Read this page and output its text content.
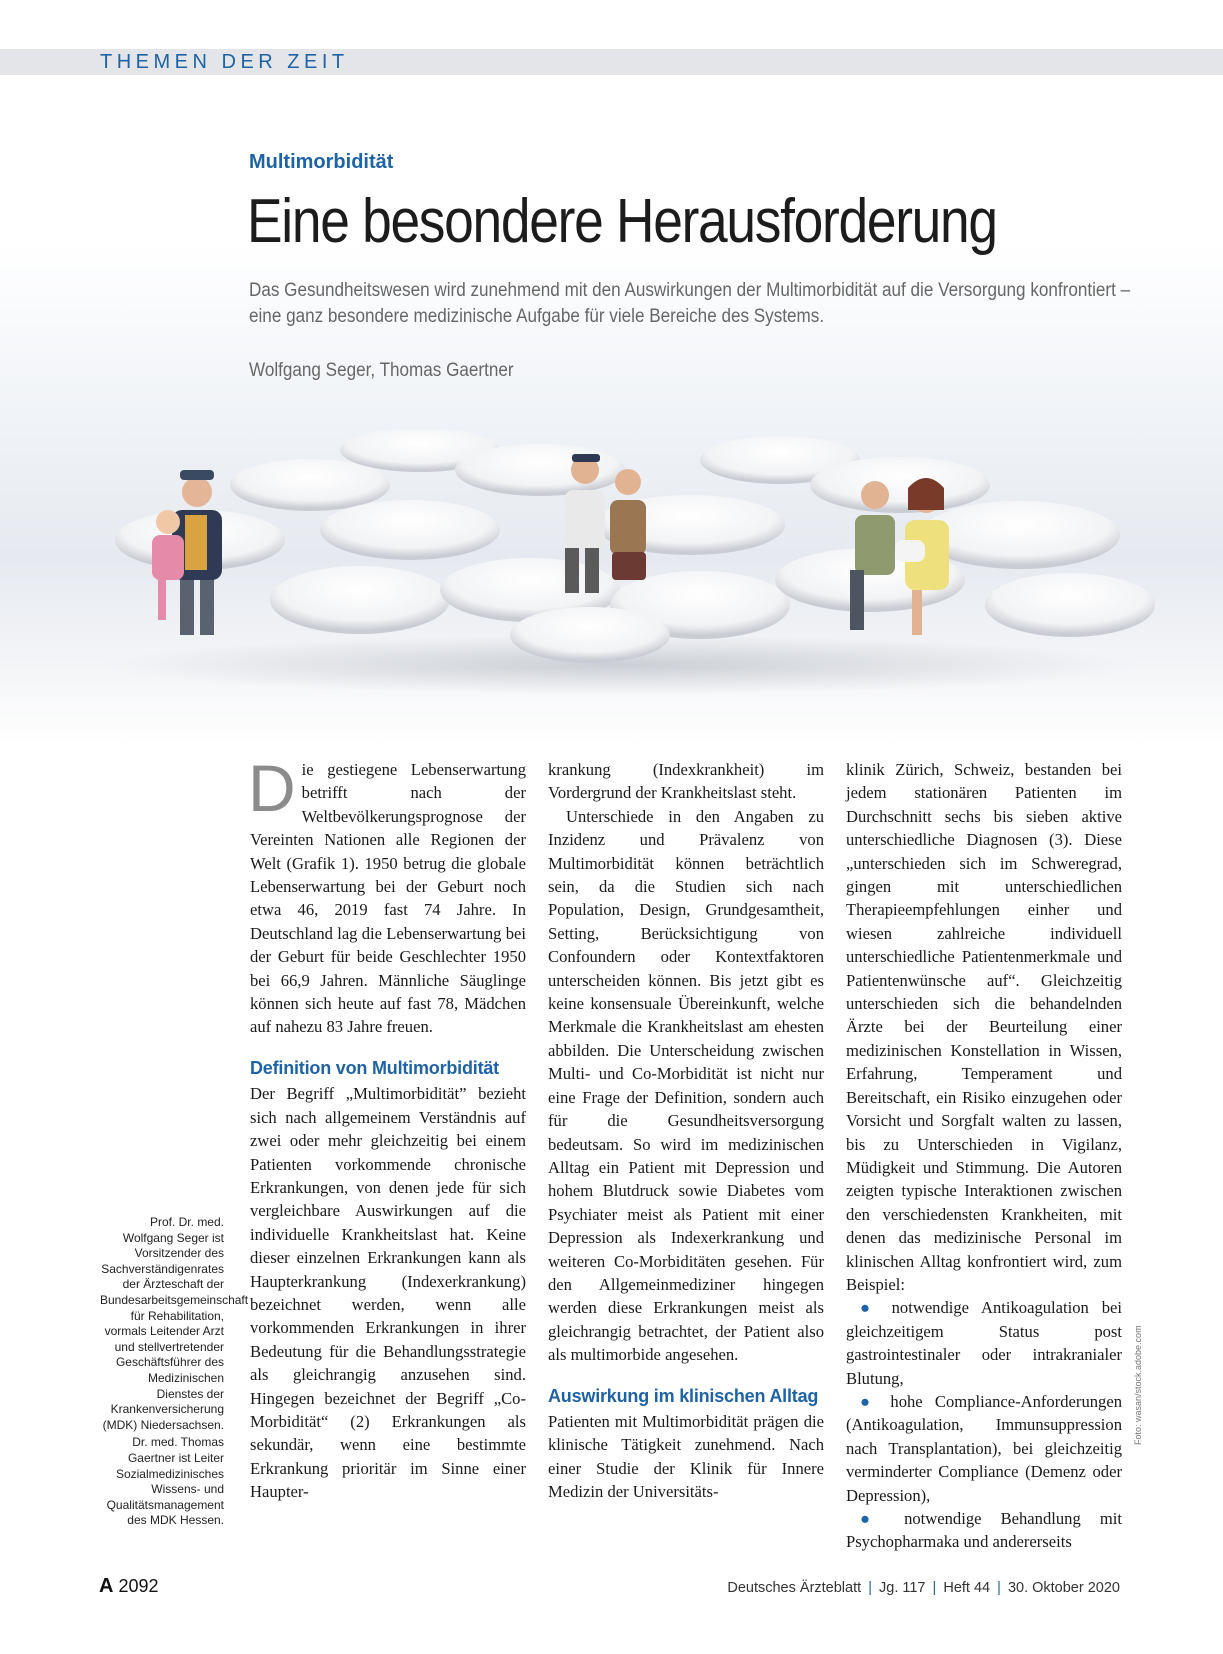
THEMEN DER ZEIT
Multimorbidität
Eine besondere Herausforderung
Das Gesundheitswesen wird zunehmend mit den Auswirkungen der Multimorbidität auf die Versorgung konfrontiert – eine ganz besondere medizinische Aufgabe für viele Bereiche des Systems.
Wolfgang Seger, Thomas Gaertner

Die gestiegene Lebenserwartung betrifft nach der Weltbevölkerungsprognose der Vereinten Nationen alle Regionen der Welt (Grafik 1). 1950 betrug die globale Lebenserwartung bei der Geburt noch etwa 46, 2019 fast 74 Jahre. In Deutschland lag die Lebenserwartung bei der Geburt für beide Geschlechter 1950 bei 66,9 Jahren. Männliche Säuglinge können sich heute auf fast 78, Mädchen auf nahezu 83 Jahre freuen.

Definition von Multimorbidität

Der Begriff „Multimorbidität” bezieht sich nach allgemeinem Verständnis auf zwei oder mehr gleichzeitig bei einem Patienten vorkommende chronische Erkrankungen, von denen jede für sich vergleichbare Auswirkungen auf die individuelle Krankheitslast hat. Keine dieser einzelnen Erkrankungen kann als Haupterkrankung (Indexerkrankung) bezeichnet werden, wenn alle vorkommenden Erkrankungen in ihrer Bedeutung für die Behandlungsstrategie als gleichrangig anzusehen sind. Hingegen bezeichnet der Begriff „Co-Morbidität“ (2) Erkrankungen als sekundär, wenn eine bestimmte Erkrankung prioritär im Sinne einer Haupter-

krankung (Indexkrankheit) im Vordergrund der Krankheitslast steht.

Unterschiede in den Angaben zu Inzidenz und Prävalenz von Multimorbidität können beträchtlich sein, da die Studien sich nach Population, Design, Grundgesamtheit, Setting, Berücksichtigung von Confoundern oder Kontextfaktoren unterscheiden können. Bis jetzt gibt es keine konsensuale Übereinkunft, welche Merkmale die Krankheitslast am ehesten abbilden. Die Unterscheidung zwischen Multi- und Co-Morbidität ist nicht nur eine Frage der Definition, sondern auch für die Gesundheitsversorgung bedeutsam. So wird im medizinischen Alltag ein Patient mit Depression und hohem Blutdruck sowie Diabetes vom Psychiater meist als Patient mit einer Depression als Indexerkrankung und weiteren Co-Morbiditäten gesehen. Für den Allgemeinmediziner hingegen werden diese Erkrankungen meist als gleichrangig betrachtet, der Patient also als multimorbide angesehen.

Auswirkung im klinischen Alltag

Patienten mit Multimorbidität prägen die klinische Tätigkeit zunehmend. Nach einer Studie der Klinik für Innere Medizin der Universitäts-

klinik Zürich, Schweiz, bestanden bei jedem stationären Patienten im Durchschnitt sechs bis sieben aktive unterschiedliche Diagnosen (3). Diese „unterschieden sich im Schweregrad, gingen mit unterschiedlichen Therapieempfehlungen einher und wiesen zahlreiche individuell unterschiedliche Patientenmerkmale und Patientenwünsche auf“. Gleichzeitig unterschieden sich die behandelnden Ärzte bei der Beurteilung einer medizinischen Konstellation in Wissen, Erfahrung, Temperament und Bereitschaft, ein Risiko einzugehen oder Vorsicht und Sorgfalt walten zu lassen, bis zu Unterschieden in Vigilanz, Müdigkeit und Stimmung. Die Autoren zeigten typische Interaktionen zwischen den verschiedensten Krankheiten, mit denen das medizinische Personal im klinischen Alltag konfrontiert wird, zum Beispiel:

● notwendige Antikoagulation bei gleichzeitigem Status post gastrointestinaler oder intrakranialer Blutung,

● hohe Compliance-Anforderungen (Antikoagulation, Immunsuppression nach Transplantation), bei gleichzeitig verminderter Compliance (Demenz oder Depression),

● notwendige Behandlung mit Psychopharmaka und andererseits

Prof. Dr. med. Wolfgang Seger ist Vorsitzender des Sachverständigenrates der Ärzteschaft der Bundesarbeitsgemeinschaft für Rehabilitation, vormals Leitender Arzt und stellvertretender Geschäftsführer des Medizinischen Dienstes der Krankenversicherung (MDK) Niedersachsen.

Dr. med. Thomas Gaertner ist Leiter Sozialmedizinisches Wissens- und Qualitätsmanagement des MDK Hessen.

Foto: wasan/stock.adobe.com
A 2092	Deutsches Ärzteblatt | Jg. 117 | Heft 44 | 30. Oktober 2020
